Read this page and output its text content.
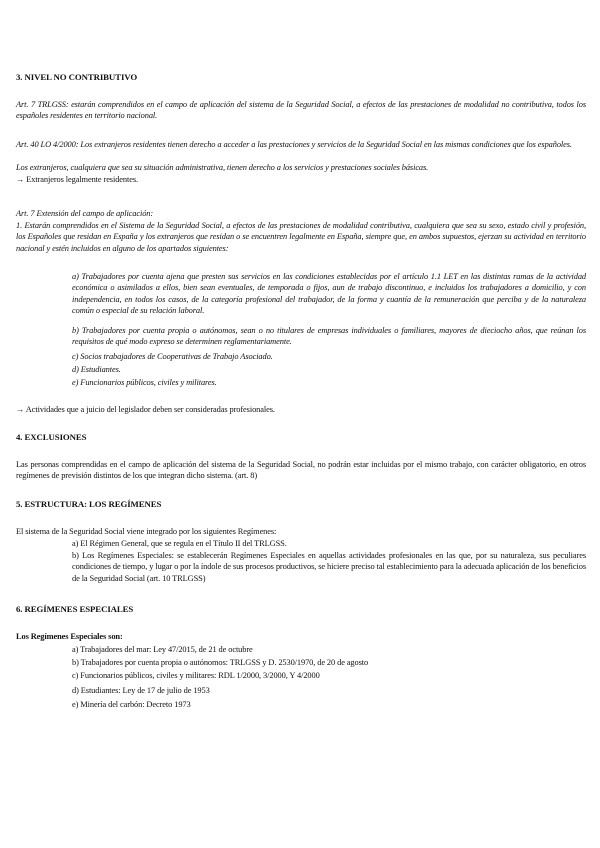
3. NIVEL NO CONTRIBUTIVO

Art. 7 TRLGSS: estarán comprendidos en el campo de aplicación del sistema de la Seguridad Social, a efectos de las prestaciones de modalidad no contributiva, todos los españoles residentes en territorio nacional.

Art. 40 LO 4/2000: Los extranjeros residentes tienen derecho a acceder a las prestaciones y servicios de la Seguridad Social en las mismas condiciones que los españoles.

Los extranjeros, cualquiera que sea su situación administrativa, tienen derecho a los servicios y prestaciones sociales básicas.

→ Extranjeros legalmente residentes.

Art. 7 Extensión del campo de aplicación:

1. Estarán comprendidos en el Sistema de la Seguridad Social, a efectos de las prestaciones de modalidad contributiva, cualquiera que sea su sexo, estado civil y profesión, los Españoles que residan en España y los extranjeros que residan o se encuentren legalmente en España, siempre que, en ambos supuestos, ejerzan su actividad en territorio nacional y estén incluidos en alguno de los apartados siguientes:

a) Trabajadores por cuenta ajena que presten sus servicios en las condiciones establecidas por el artículo 1.1 LET en las distintas ramas de la actividad económica o asimilados a ellos, bien sean eventuales, de temporada o fijos, aun de trabajo discontinuo, e incluidos los trabajadores a domicilio, y con independencia, en todos los casos, de la categoría profesional del trabajador, de la forma y cuantía de la remuneración que perciba y de la naturaleza común o especial de su relación laboral.

b) Trabajadores por cuenta propia o autónomos, sean o no titulares de empresas individuales o familiares, mayores de dieciocho años, que reúnan los requisitos de qué modo expreso se determinen reglamentariamente.

c) Socios trabajadores de Cooperativas de Trabajo Asociado.

d) Estudiantes.

e) Funcionarios públicos, civiles y militares.

→ Actividades que a juicio del legislador deben ser consideradas profesionales.

4. EXCLUSIONES

Las personas comprendidas en el campo de aplicación del sistema de la Seguridad Social, no podrán estar incluidas por el mismo trabajo, con carácter obligatorio, en otros regímenes de previsión distintos de los que integran dicho sistema. (art. 8)

5. ESTRUCTURA: LOS REGÍMENES

El sistema de la Seguridad Social viene integrado por los siguientes Regímenes:

a) El Régimen General, que se regula en el Título II del TRLGSS.

b) Los Regímenes Especiales: se establecerán Regímenes Especiales en aquellas actividades profesionales en las que, por su naturaleza, sus peculiares condiciones de tiempo, y lugar o por la índole de sus procesos productivos, se hiciere preciso tal establecimiento para la adecuada aplicación de los beneficios de la Seguridad Social (art. 10 TRLGSS)

6. REGÍMENES ESPECIALES

Los Regímenes Especiales son:

a) Trabajadores del mar: Ley 47/2015, de 21 de octubre

b) Trabajadores por cuenta propia o autónomos: TRLGSS y D. 2530/1970, de 20 de agosto

c) Funcionarios públicos, civiles y militares: RDL 1/2000, 3/2000, Y 4/2000

d) Estudiantes: Ley de 17 de julio de 1953

e) Minería del carbón: Decreto 1973
